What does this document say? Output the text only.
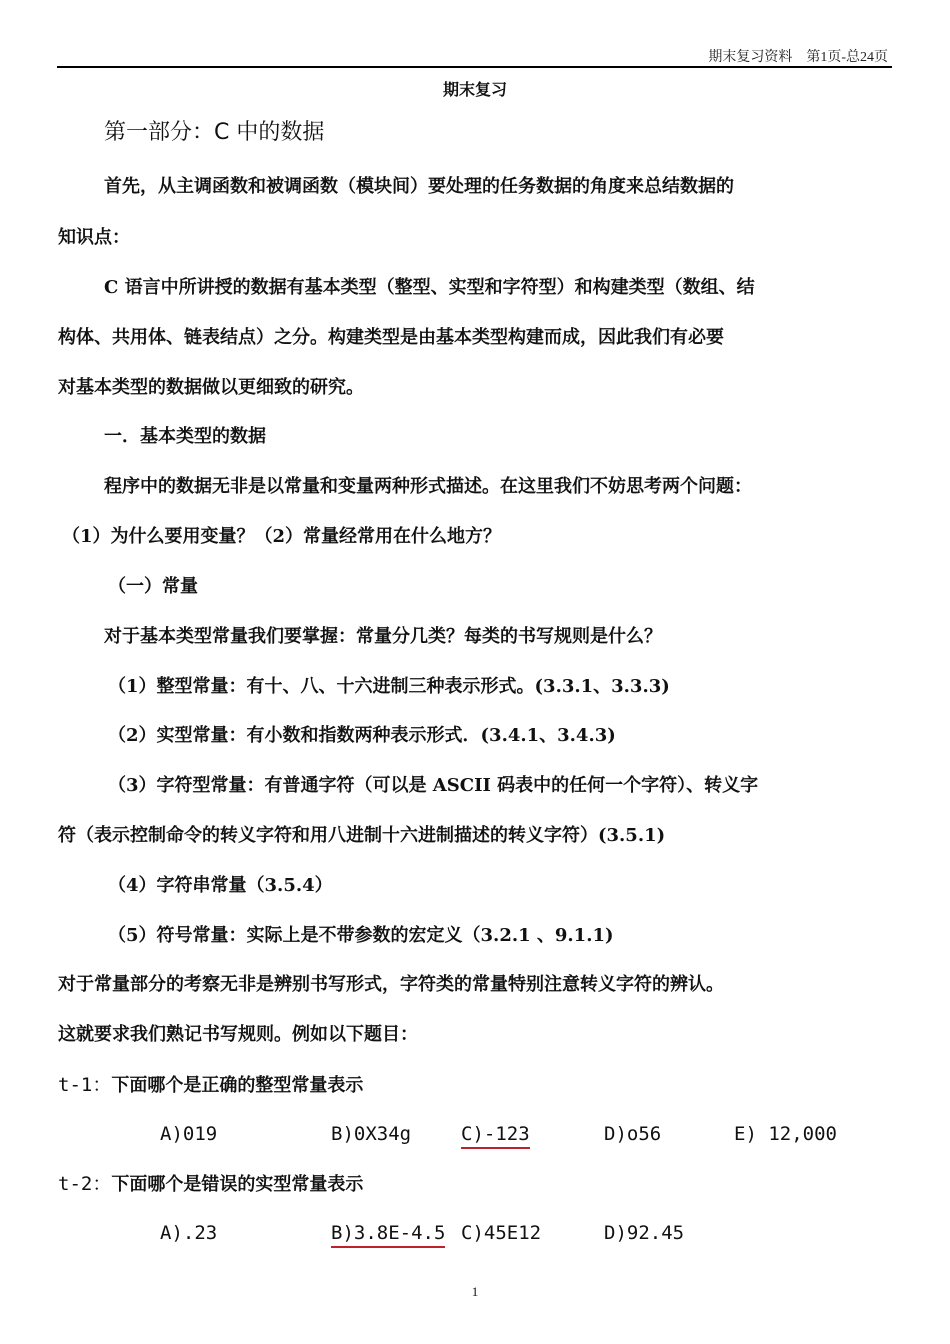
期末复习资料 第1页-总24页
期末复习
第一部分：C 中的数据
首先，从主调函数和被调函数（模块间）要处理的任务数据的角度来总结数据的
知识点：
C 语言中所讲授的数据有基本类型（整型、实型和字符型）和构建类型（数组、结
构体、共用体、链表结点）之分。构建类型是由基本类型构建而成，因此我们有必要
对基本类型的数据做以更细致的研究。
一．基本类型的数据
程序中的数据无非是以常量和变量两种形式描述。在这里我们不妨思考两个问题：
（1）为什么要用变量？（2）常量经常用在什么地方？
（一）常量
对于基本类型常量我们要掌握：常量分几类？每类的书写规则是什么？
（1）整型常量：有十、八、十六进制三种表示形式。(3.3.1、3.3.3)
（2）实型常量：有小数和指数两种表示形式．(3.4.1、3.4.3)
（3）字符型常量：有普通字符（可以是 ASCII 码表中的任何一个字符）、转义字
符（表示控制命令的转义字符和用八进制十六进制描述的转义字符）(3.5.1)
（4）字符串常量（3.5.4）
（5）符号常量：实际上是不带参数的宏定义（3.2.1 、9.1.1)
对于常量部分的考察无非是辨别书写形式，字符类的常量特别注意转义字符的辨认。
这就要求我们熟记书写规则。例如以下题目：
t-1：下面哪个是正确的整型常量表示
A)019	B)0X34g	C)-123	D)o56	E) 12,000
t-2：下面哪个是错误的实型常量表示
A).23	B)3.8E-4.5 C)45E12	D)92.45
1
